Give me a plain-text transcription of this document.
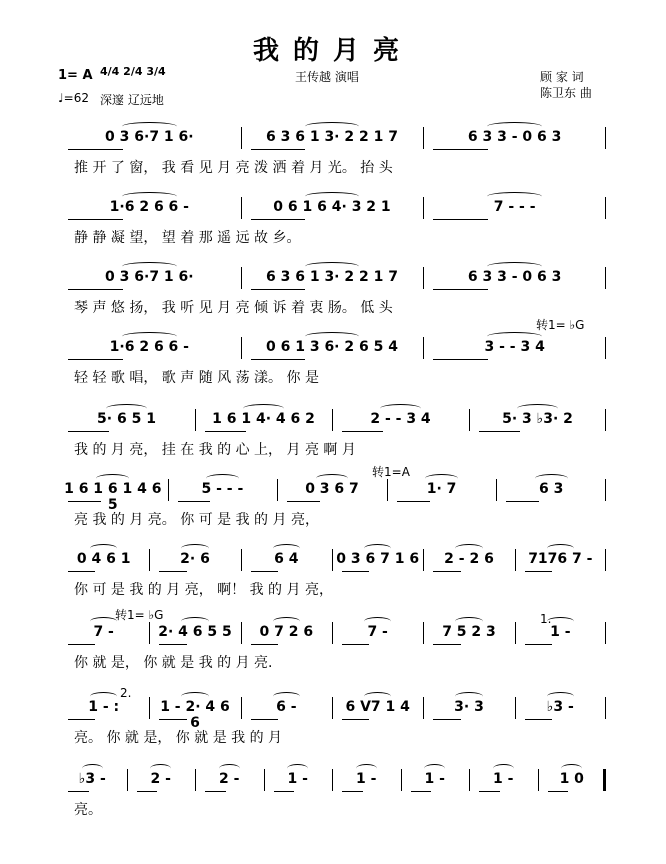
我的月亮
1= A 4/4 2/4 3/4
♩=62 深邃 辽远地
王传越 演唱	顾 家 词
陈卫东 曲
转1= ♭G
转1=A
转1= ♭G	1.
2.
0 3 6·7 1 6·	6 3 6 1 3· 2 2 1 7	6 3 3 - 0 6 3
推 开 了 窗， 我 看 见 月 亮 泼 洒 着 月 光。 抬 头
1·6 2 6 6 -	0 6 1 6 4· 3 2 1	7 - - -
静 静 凝 望， 望 着 那 遥 远 故 乡。
0 3 6·7 1 6·	6 3 6 1 3· 2 2 1 7	6 3 3 - 0 6 3
琴 声 悠 扬， 我 听 见 月 亮 倾 诉 着 衷 肠。 低 头
1·6 2 6 6 -	0 6 1 3 6· 2 6 5 4	3 - - 3 4
轻 轻 歌 唱， 歌 声 随 风 荡 漾。 你 是
5· 6 5 1	1 6 1 4· 4 6 2	2 - - 3 4	5· 3 ♭3· 2
我 的 月 亮， 挂 在 我 的 心 上， 月 亮 啊 月
1 6 1 6 1 4 6 5
5 - - -	0 3 6 7	1· 7	6 3
亮 我 的 月 亮。 你 可 是 我 的 月 亮，
0 4 6 1	2· 6	6 4	0 3 6 7 1 6	2 - 2 6	7176 7 -
你 可 是 我 的 月 亮， 啊！ 我 的 月 亮，
7 -	2· 4 6 5 5	0 7 2 6	7 -	7 5 2 3	1 -
你 就 是， 你 就 是 我 的 月 亮.
1 - :	1 - 2· 4 6 6
6 -	6 V7 1 4	3· 3	♭3 -
亮。 你 就 是， 你 就 是 我 的 月
♭3 -	2 -	2 -	1 -	1 -	1 -	1 -	1 0
亮。
